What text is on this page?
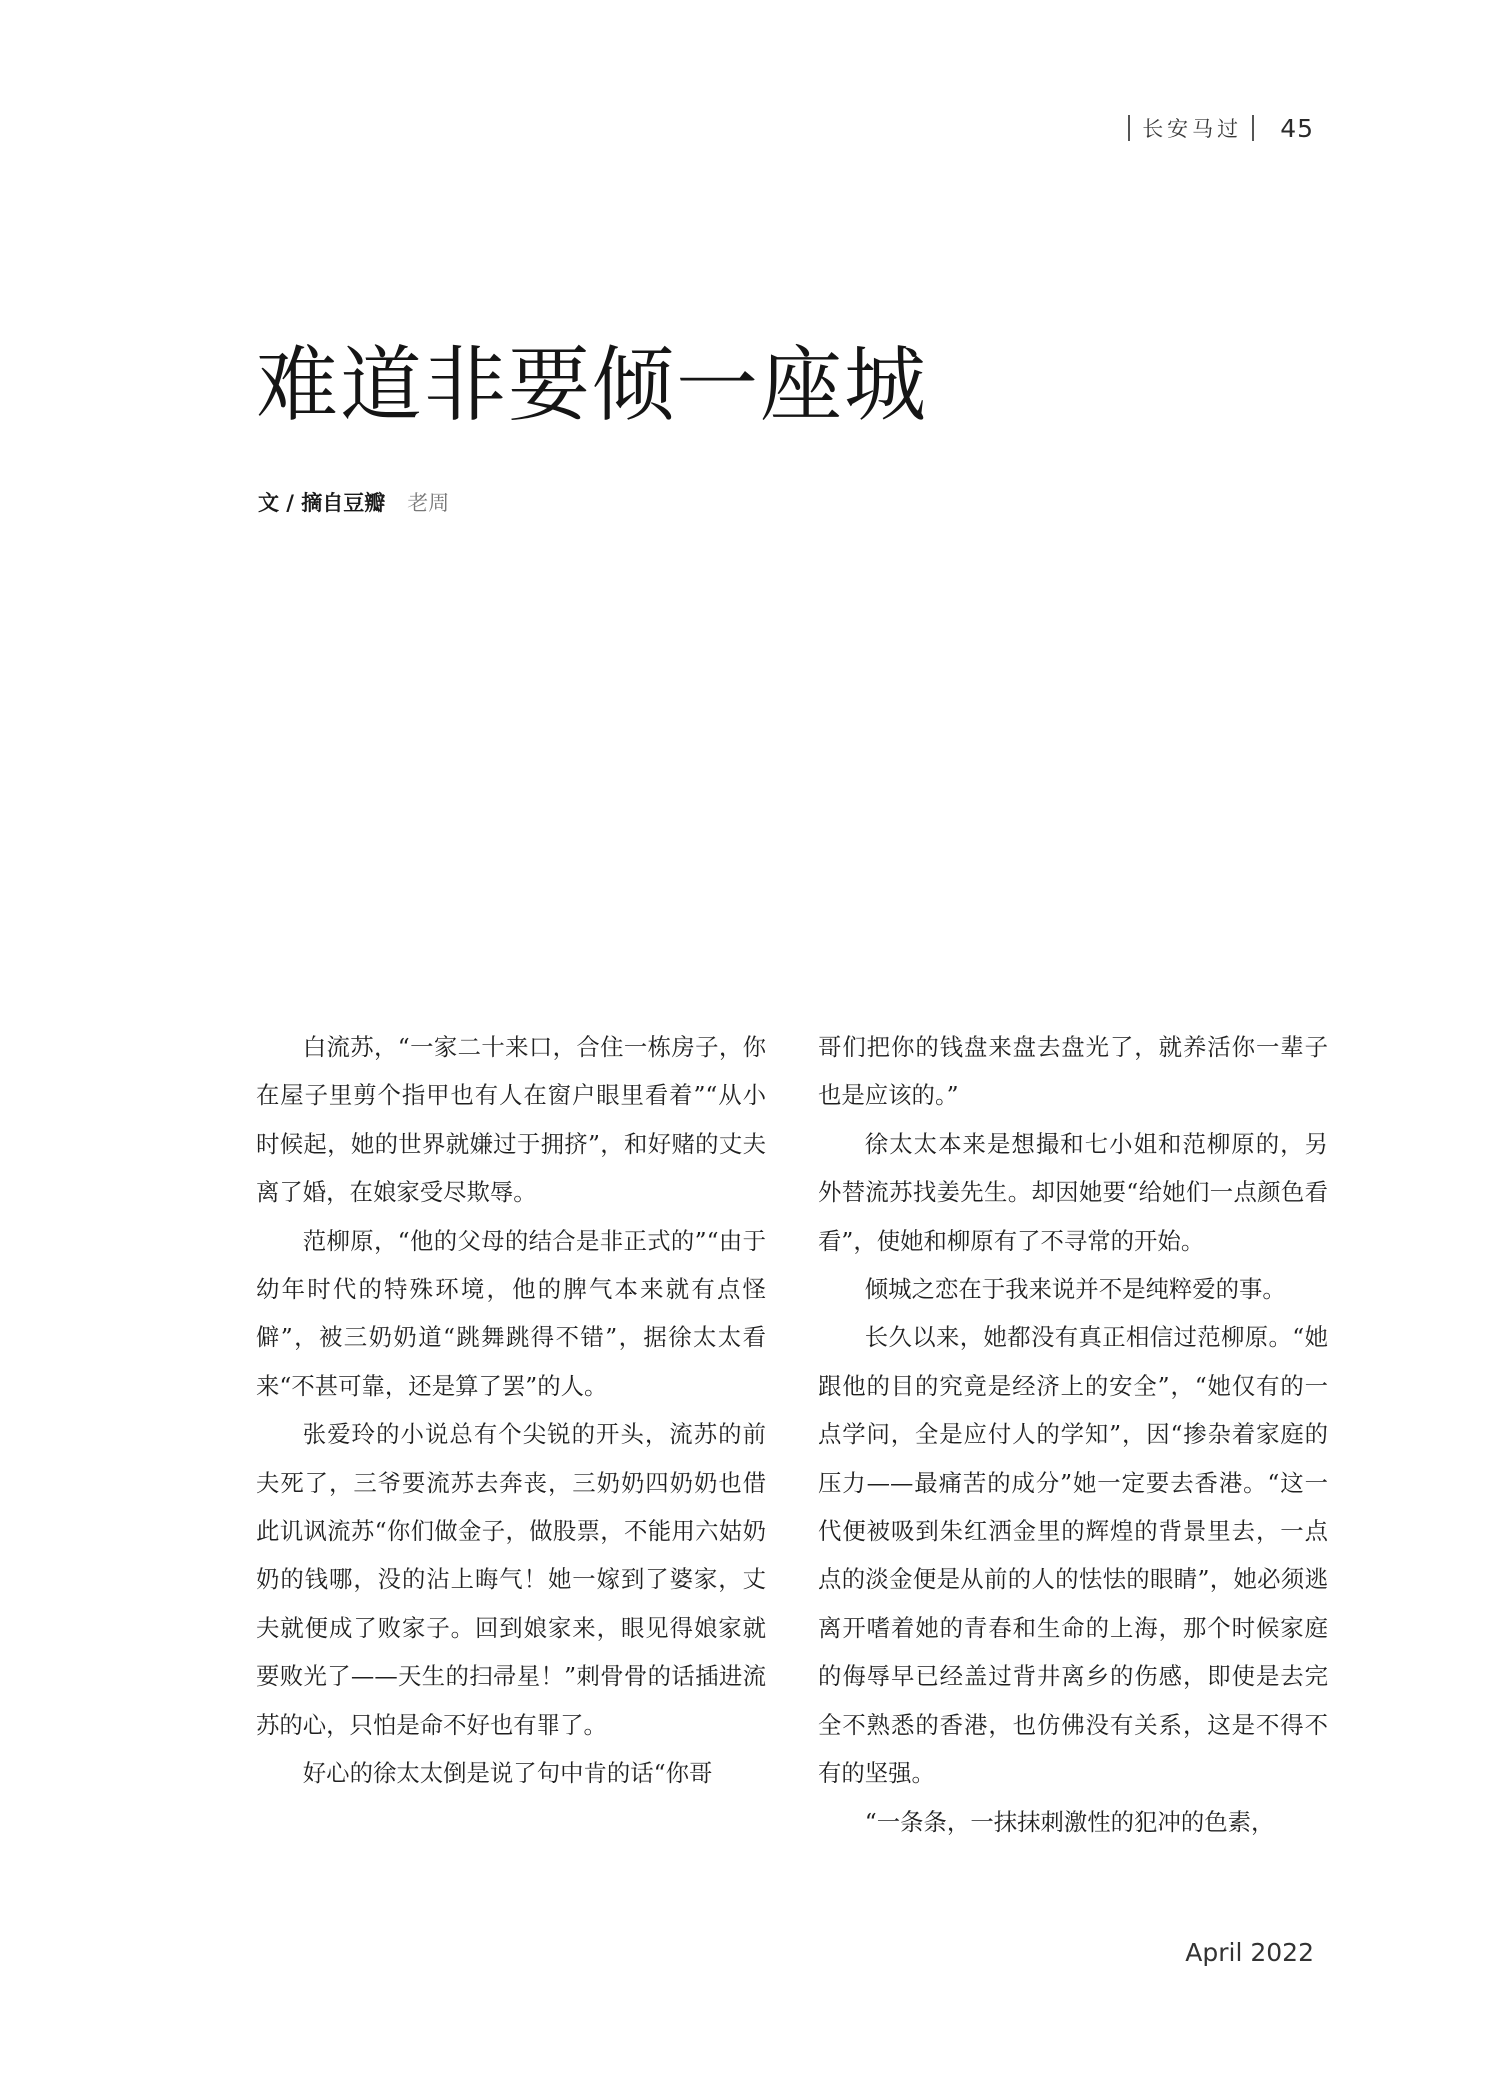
长安马过 45
难道非要倾一座城
文 / 摘自豆瓣 老周

白流苏，“一家二十来口，合住一栋房子，你在屋子里剪个指甲也有人在窗户眼里看着”“从小时候起，她的世界就嫌过于拥挤”，和好赌的丈夫离了婚，在娘家受尽欺辱。

范柳原，“他的父母的结合是非正式的”“由于幼年时代的特殊环境，他的脾气本来就有点怪僻”，被三奶奶道“跳舞跳得不错”，据徐太太看来“不甚可靠，还是算了罢”的人。

张爱玲的小说总有个尖锐的开头，流苏的前夫死了，三爷要流苏去奔丧，三奶奶四奶奶也借此讥讽流苏“你们做金子，做股票，不能用六姑奶奶的钱哪，没的沾上晦气！她一嫁到了婆家，丈夫就便成了败家子。回到娘家来，眼见得娘家就要败光了——天生的扫帚星！”刺骨骨的话插进流苏的心，只怕是命不好也有罪了。

好心的徐太太倒是说了句中肯的话“你哥

哥们把你的钱盘来盘去盘光了，就养活你一辈子也是应该的。”

徐太太本来是想撮和七小姐和范柳原的，另外替流苏找姜先生。却因她要“给她们一点颜色看看”，使她和柳原有了不寻常的开始。

倾城之恋在于我来说并不是纯粹爱的事。

长久以来，她都没有真正相信过范柳原。“她跟他的目的究竟是经济上的安全”，“她仅有的一点学问，全是应付人的学知”，因“掺杂着家庭的压力——最痛苦的成分”她一定要去香港。“这一代便被吸到朱红洒金里的辉煌的背景里去，一点点的淡金便是从前的人的怯怯的眼睛”，她必须逃离开嗜着她的青春和生命的上海，那个时候家庭的侮辱早已经盖过背井离乡的伤感，即使是去完全不熟悉的香港，也仿佛没有关系，这是不得不有的坚强。

“一条条，一抹抹刺激性的犯冲的色素，

April 2022
